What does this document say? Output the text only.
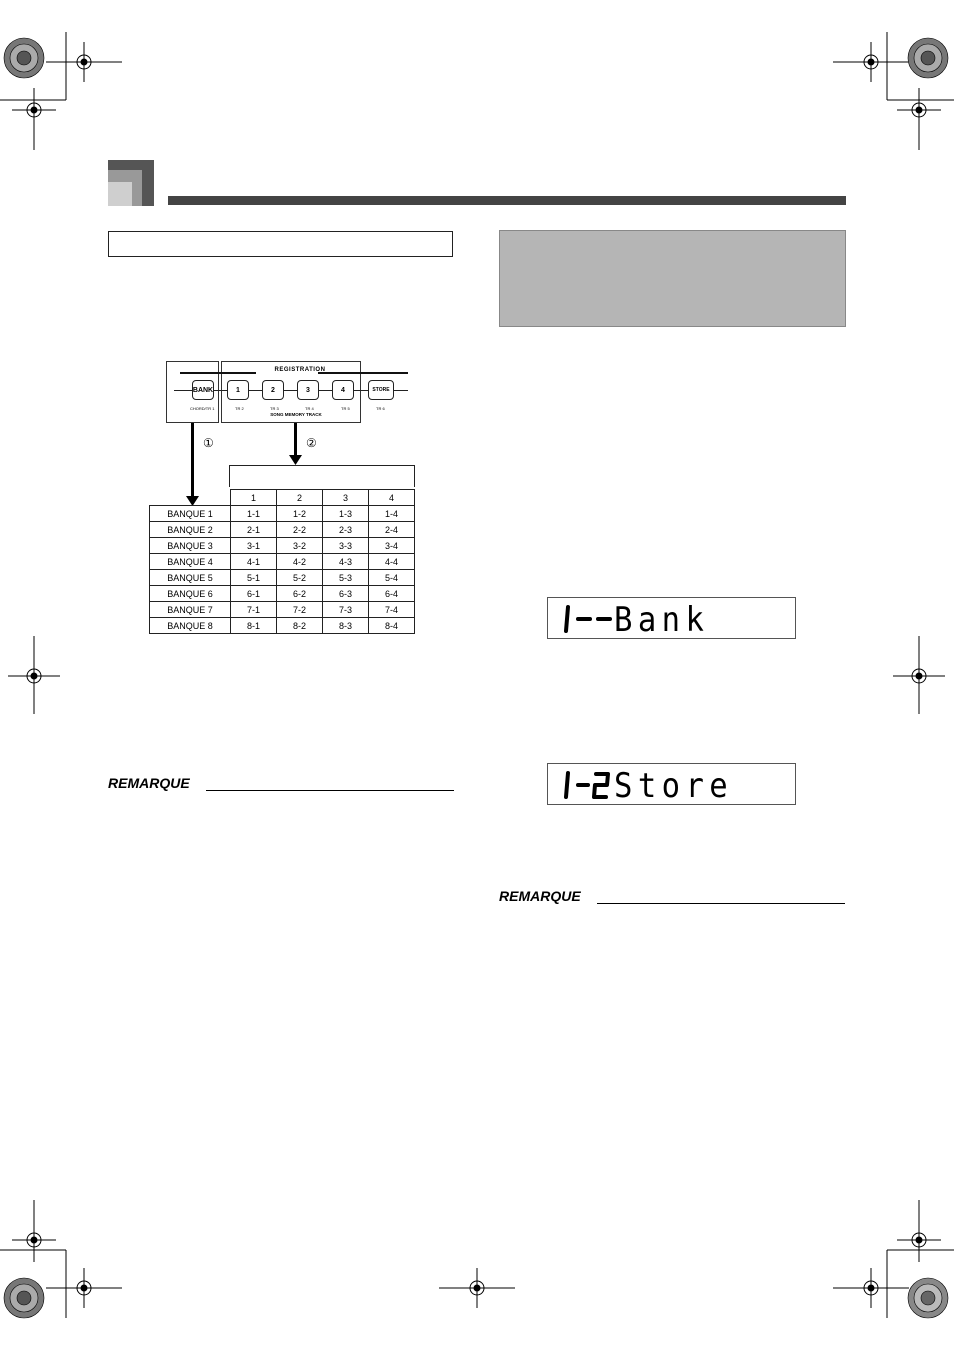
REGISTRATION
BANK	1	2	3	4	STORE
CHORD/TR 1	TR 2	TR 3	TR 4	TR 5	TR 6
SONG MEMORY TRACK
①	②
	1	2	3	4
BANQUE 1	1-1	1-2	1-3	1-4
BANQUE 2	2-1	2-2	2-3	2-4
BANQUE 3	3-1	3-2	3-3	3-4
BANQUE 4	4-1	4-2	4-3	4-4
BANQUE 5	5-1	5-2	5-3	5-4
BANQUE 6	6-1	6-2	6-3	6-4
BANQUE 7	7-1	7-2	7-3	7-4
BANQUE 8	8-1	8-2	8-3	8-4	Bank
Store
REMARQUE
REMARQUE
